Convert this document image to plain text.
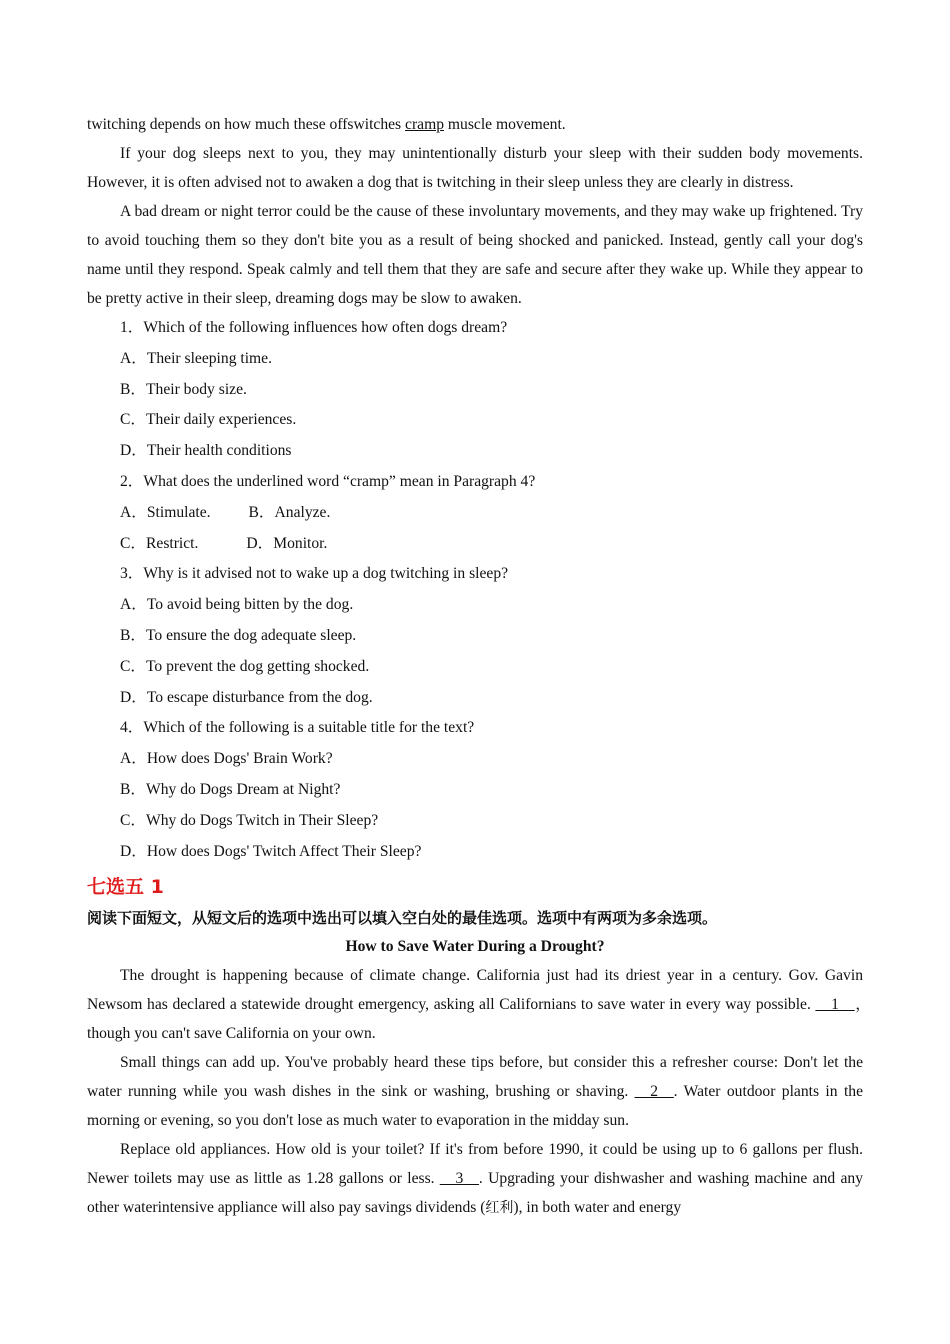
twitching depends on how much these offswitches cramp muscle movement.

If your dog sleeps next to you, they may unintentionally disturb your sleep with their sudden body movements. However, it is often advised not to awaken a dog that is twitching in their sleep unless they are clearly in distress.

A bad dream or night terror could be the cause of these involuntary movements, and they may wake up frightened. Try to avoid touching them so they don't bite you as a result of being shocked and panicked. Instead, gently call your dog's name until they respond. Speak calmly and tell them that they are safe and secure after they wake up. While they appear to be pretty active in their sleep, dreaming dogs may be slow to awaken.

1．Which of the following influences how often dogs dream?

A．Their sleeping time.

B．Their body size.

C．Their daily experiences.

D．Their health conditions

2．What does the underlined word “cramp” mean in Paragraph 4?

A．Stimulate. B．Analyze.

C．Restrict.	D．Monitor.

3．Why is it advised not to wake up a dog twitching in sleep?

A．To avoid being bitten by the dog.

B．To ensure the dog adequate sleep.

C．To prevent the dog getting shocked.

D．To escape disturbance from the dog.

4．Which of the following is a suitable title for the text?

A．How does Dogs' Brain Work?

B．Why do Dogs Dream at Night?

C．Why do Dogs Twitch in Their Sleep?

D．How does Dogs' Twitch Affect Their Sleep?

七选五 1

阅读下面短文，从短文后的选项中选出可以填入空白处的最佳选项。选项中有两项为多余选项。

How to Save Water During a Drought?

The drought is happening because of climate change. California just had its driest year in a century. Gov. Gavin Newsom has declared a statewide drought emergency, asking all Californians to save water in every way possible. __1__，　though you can't save California on your own.

Small things can add up. You've probably heard these tips before, but consider this a refresher course: Don't let the water running while you wash dishes in the sink or washing, brushing or shaving. __2__. Water outdoor plants in the morning or evening, so you don't lose as much water to evaporation in the midday sun.

Replace old appliances. How old is your toilet? If it's from before 1990, it could be using up to 6 gallons per flush. Newer toilets may use as little as 1.28 gallons or less. __3__. Upgrading your dishwasher and washing machine and any other waterintensive appliance will also pay savings dividends (红利), in both water and energy
